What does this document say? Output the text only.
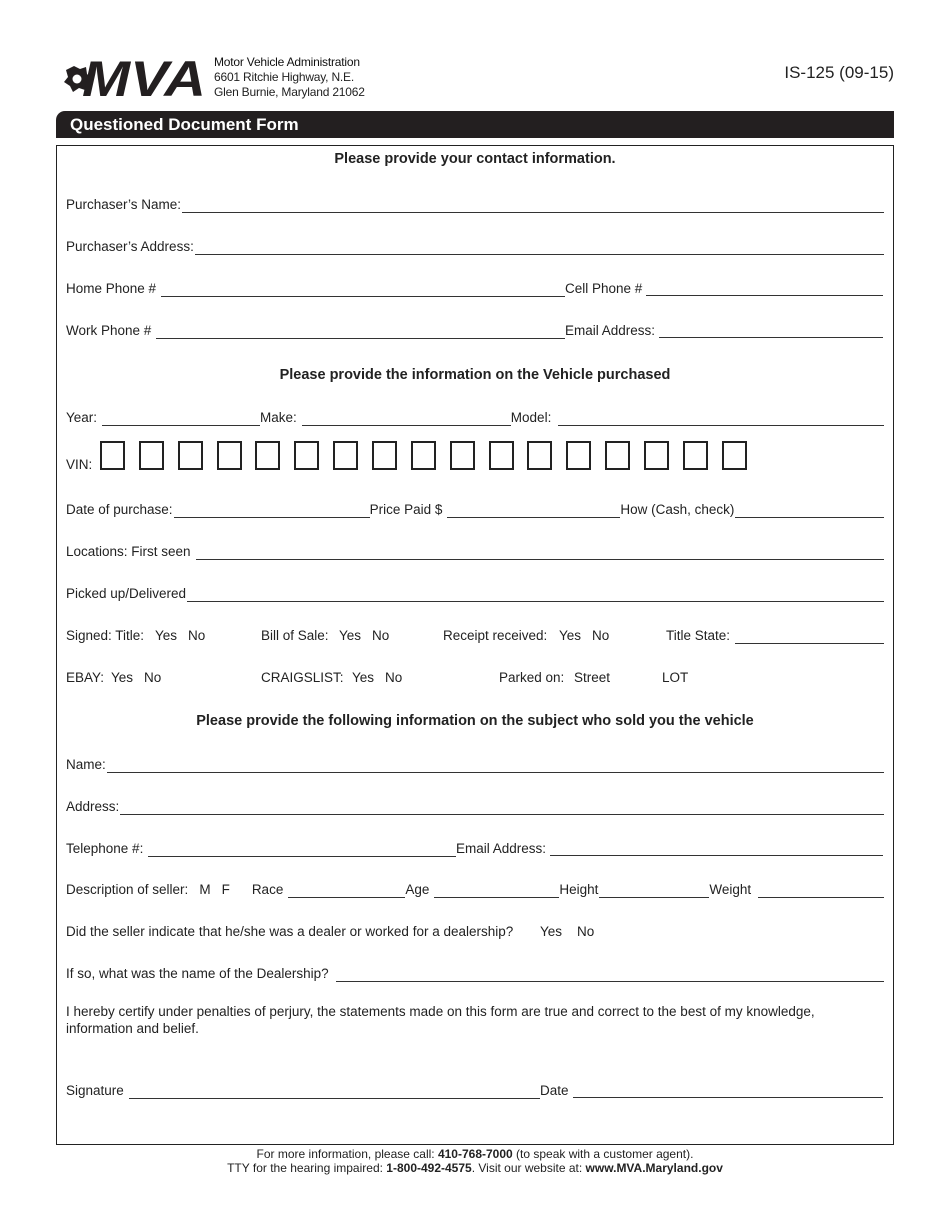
MVA Motor Vehicle Administration
6601 Ritchie Highway, N.E.
Glen Burnie, Maryland 21062
IS-125 (09-15)
Questioned Document Form
Please provide your contact information.
Purchaser’s Name:
Purchaser’s Address:
Home Phone #	Cell Phone #
Work Phone #	Email Address:
Please provide the information on the Vehicle purchased
Year:	Make:	Model:
VIN:
Date of purchase:	Price Paid $	How (Cash, check)
Locations: First seen
Picked up/Delivered
Signed: Title: Yes No	Bill of Sale: Yes No	Receipt received: Yes No	Title State:
EBAY: Yes No	CRAIGSLIST: Yes No	Parked on: Street	LOT
Please provide the following information on the subject who sold you the vehicle
Name:
Address:
Telephone #:	Email Address:
Description of seller: M F Race	Age	Height	Weight
Did the seller indicate that he/she was a dealer or worked for a dealership? Yes No
If so, what was the name of the Dealership?
I hereby certify under penalties of perjury, the statements made on this form are true and correct to the best of my knowledge, information and belief.
Signature	Date
For more information, please call: 410-768-7000 (to speak with a customer agent).
TTY for the hearing impaired: 1-800-492-4575. Visit our website at: www.MVA.Maryland.gov
